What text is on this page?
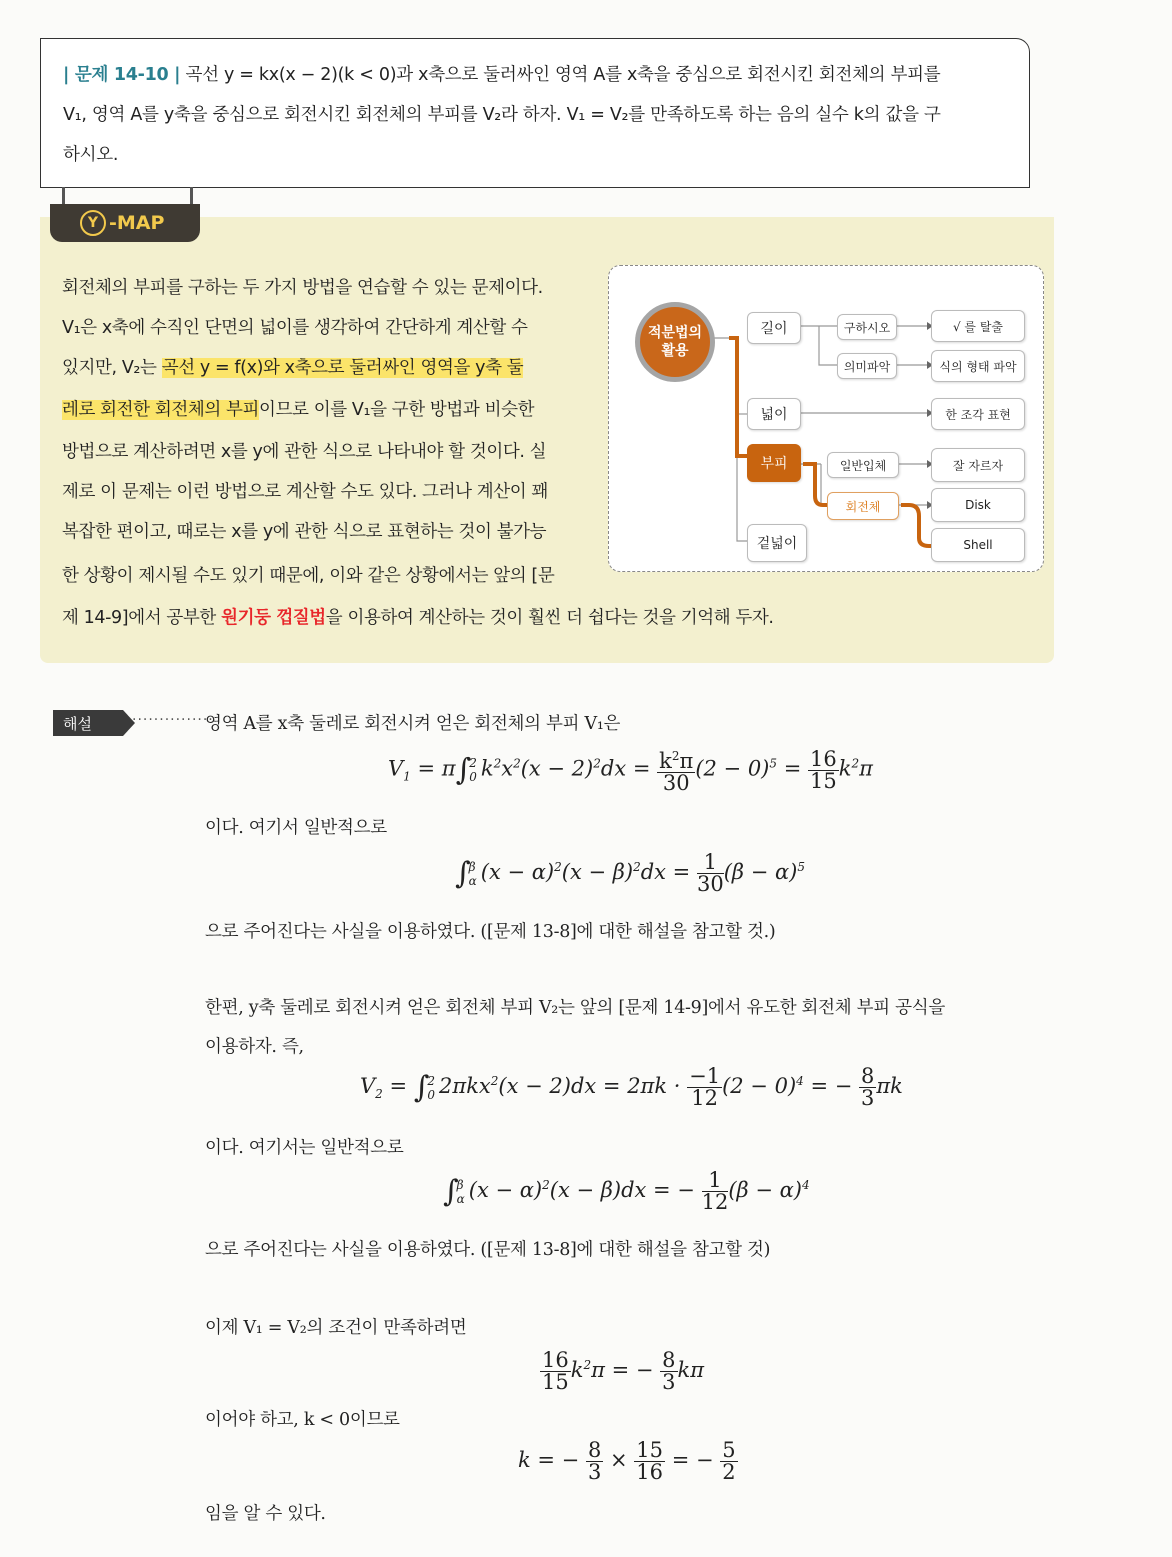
| 문제 14-10 | 곡선 y = kx(x − 2)(k < 0)과 x축으로 둘러싸인 영역 A를 x축을 중심으로 회전시킨 회전체의 부피를
V₁, 영역 A를 y축을 중심으로 회전시킨 회전체의 부피를 V₂라 하자. V₁ = V₂를 만족하도록 하는 음의 실수 k의 값을 구
하시오.
Y -MAP
회전체의 부피를 구하는 두 가지 방법을 연습할 수 있는 문제이다.
V₁은 x축에 수직인 단면의 넓이를 생각하여 간단하게 계산할 수
있지만, V₂는 곡선 y = f(x)와 x축으로 둘러싸인 영역을 y축 둘
레로 회전한 회전체의 부피이므로 이를 V₁을 구한 방법과 비슷한
방법으로 계산하려면 x를 y에 관한 식으로 나타내야 할 것이다. 실
제로 이 문제는 이런 방법으로 계산할 수도 있다. 그러나 계산이 꽤
복잡한 편이고, 때로는 x를 y에 관한 식으로 표현하는 것이 불가능
한 상황이 제시될 수도 있기 때문에, 이와 같은 상황에서는 앞의 [문
제 14-9]에서 공부한 원기둥 껍질법을 이용하여 계산하는 것이 훨씬 더 쉽다는 것을 기억해 두자.
적분법의
활용
길이
넓이
부피
겉넓이
구하시오
의미파악
일반입체
회전체
√ 를 탈출
식의 형태 파악
한 조각 표현
잘 자르자
Disk
Shell
해설	···············
영역 A를 x축 둘레로 회전시켜 얻은 회전체의 부피 V₁은
$V_1 = \pi\int$
2
0 $k^2x^2(x - 2)^2dx = \frac{k^2\pi}{30} (2 - 0)^5 = \frac{16}{15} k^2\pi$
이다. 여기서 일반적으로
∫
β
α $(x - \alpha)^2(x - \beta)^2dx = \frac{1}{30} (\beta - \alpha)^5$
으로 주어진다는 사실을 이용하였다. ([문제 13-8]에 대한 해설을 참고할 것.)
한편, y축 둘레로 회전시켜 얻은 회전체 부피 V₂는 앞의 [문제 14-9]에서 유도한 회전체 부피 공식을
이용하자. 즉,
$V_2$ = ∫
2
0 $2\pi kx^2(x - 2)dx = 2\pi k \cdot \frac{-1}{12} (2 - 0)^4$ = − $\frac{8}{3}$ πk
이다. 여기서는 일반적으로
∫
β
α $(x - \alpha)^2(x - \beta)dx$ = − $\frac{1}{12} (\beta - \alpha)^4$
으로 주어진다는 사실을 이용하였다. ([문제 13-8]에 대한 해설을 참고할 것)
이제 V₁ = V₂의 조건이 만족하려면
$\frac{16}{15} k^2\pi$ = − $\frac{8}{3}$ kπ
이어야 하고, k < 0이므로
k = − $\frac{8}{3} \times \frac{15}{16}$ = − $\frac{5}{2}$
임을 알 수 있다.
